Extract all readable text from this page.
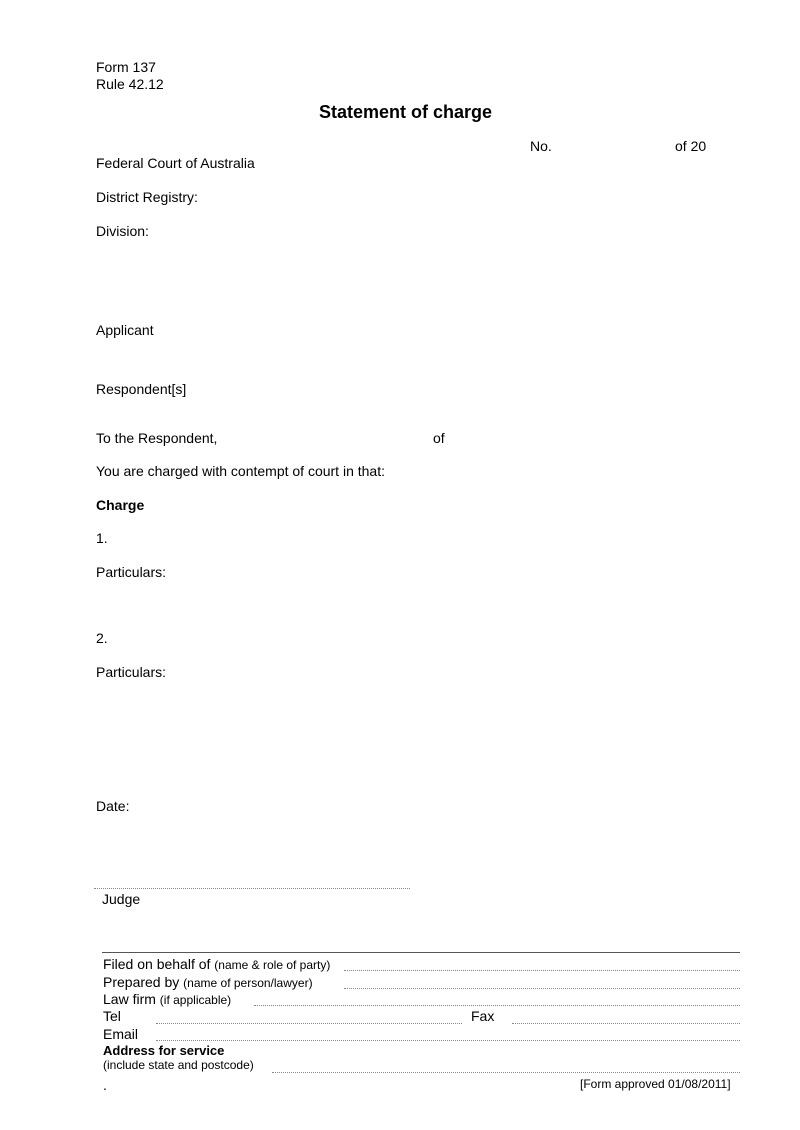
Form 137
Rule 42.12
Statement of charge
No.	of 20
Federal Court of Australia
District Registry:
Division:
Applicant
Respondent[s]
To the Respondent,	of
You are charged with contempt of court in that:
Charge
1.
Particulars:
2.
Particulars:
Date:
Judge
Filed on behalf of (name & role of party)
Prepared by (name of person/lawyer)
Law firm (if applicable)
Tel	Fax
Email
Address for service
(include state and postcode)
.	[Form approved 01/08/2011]
